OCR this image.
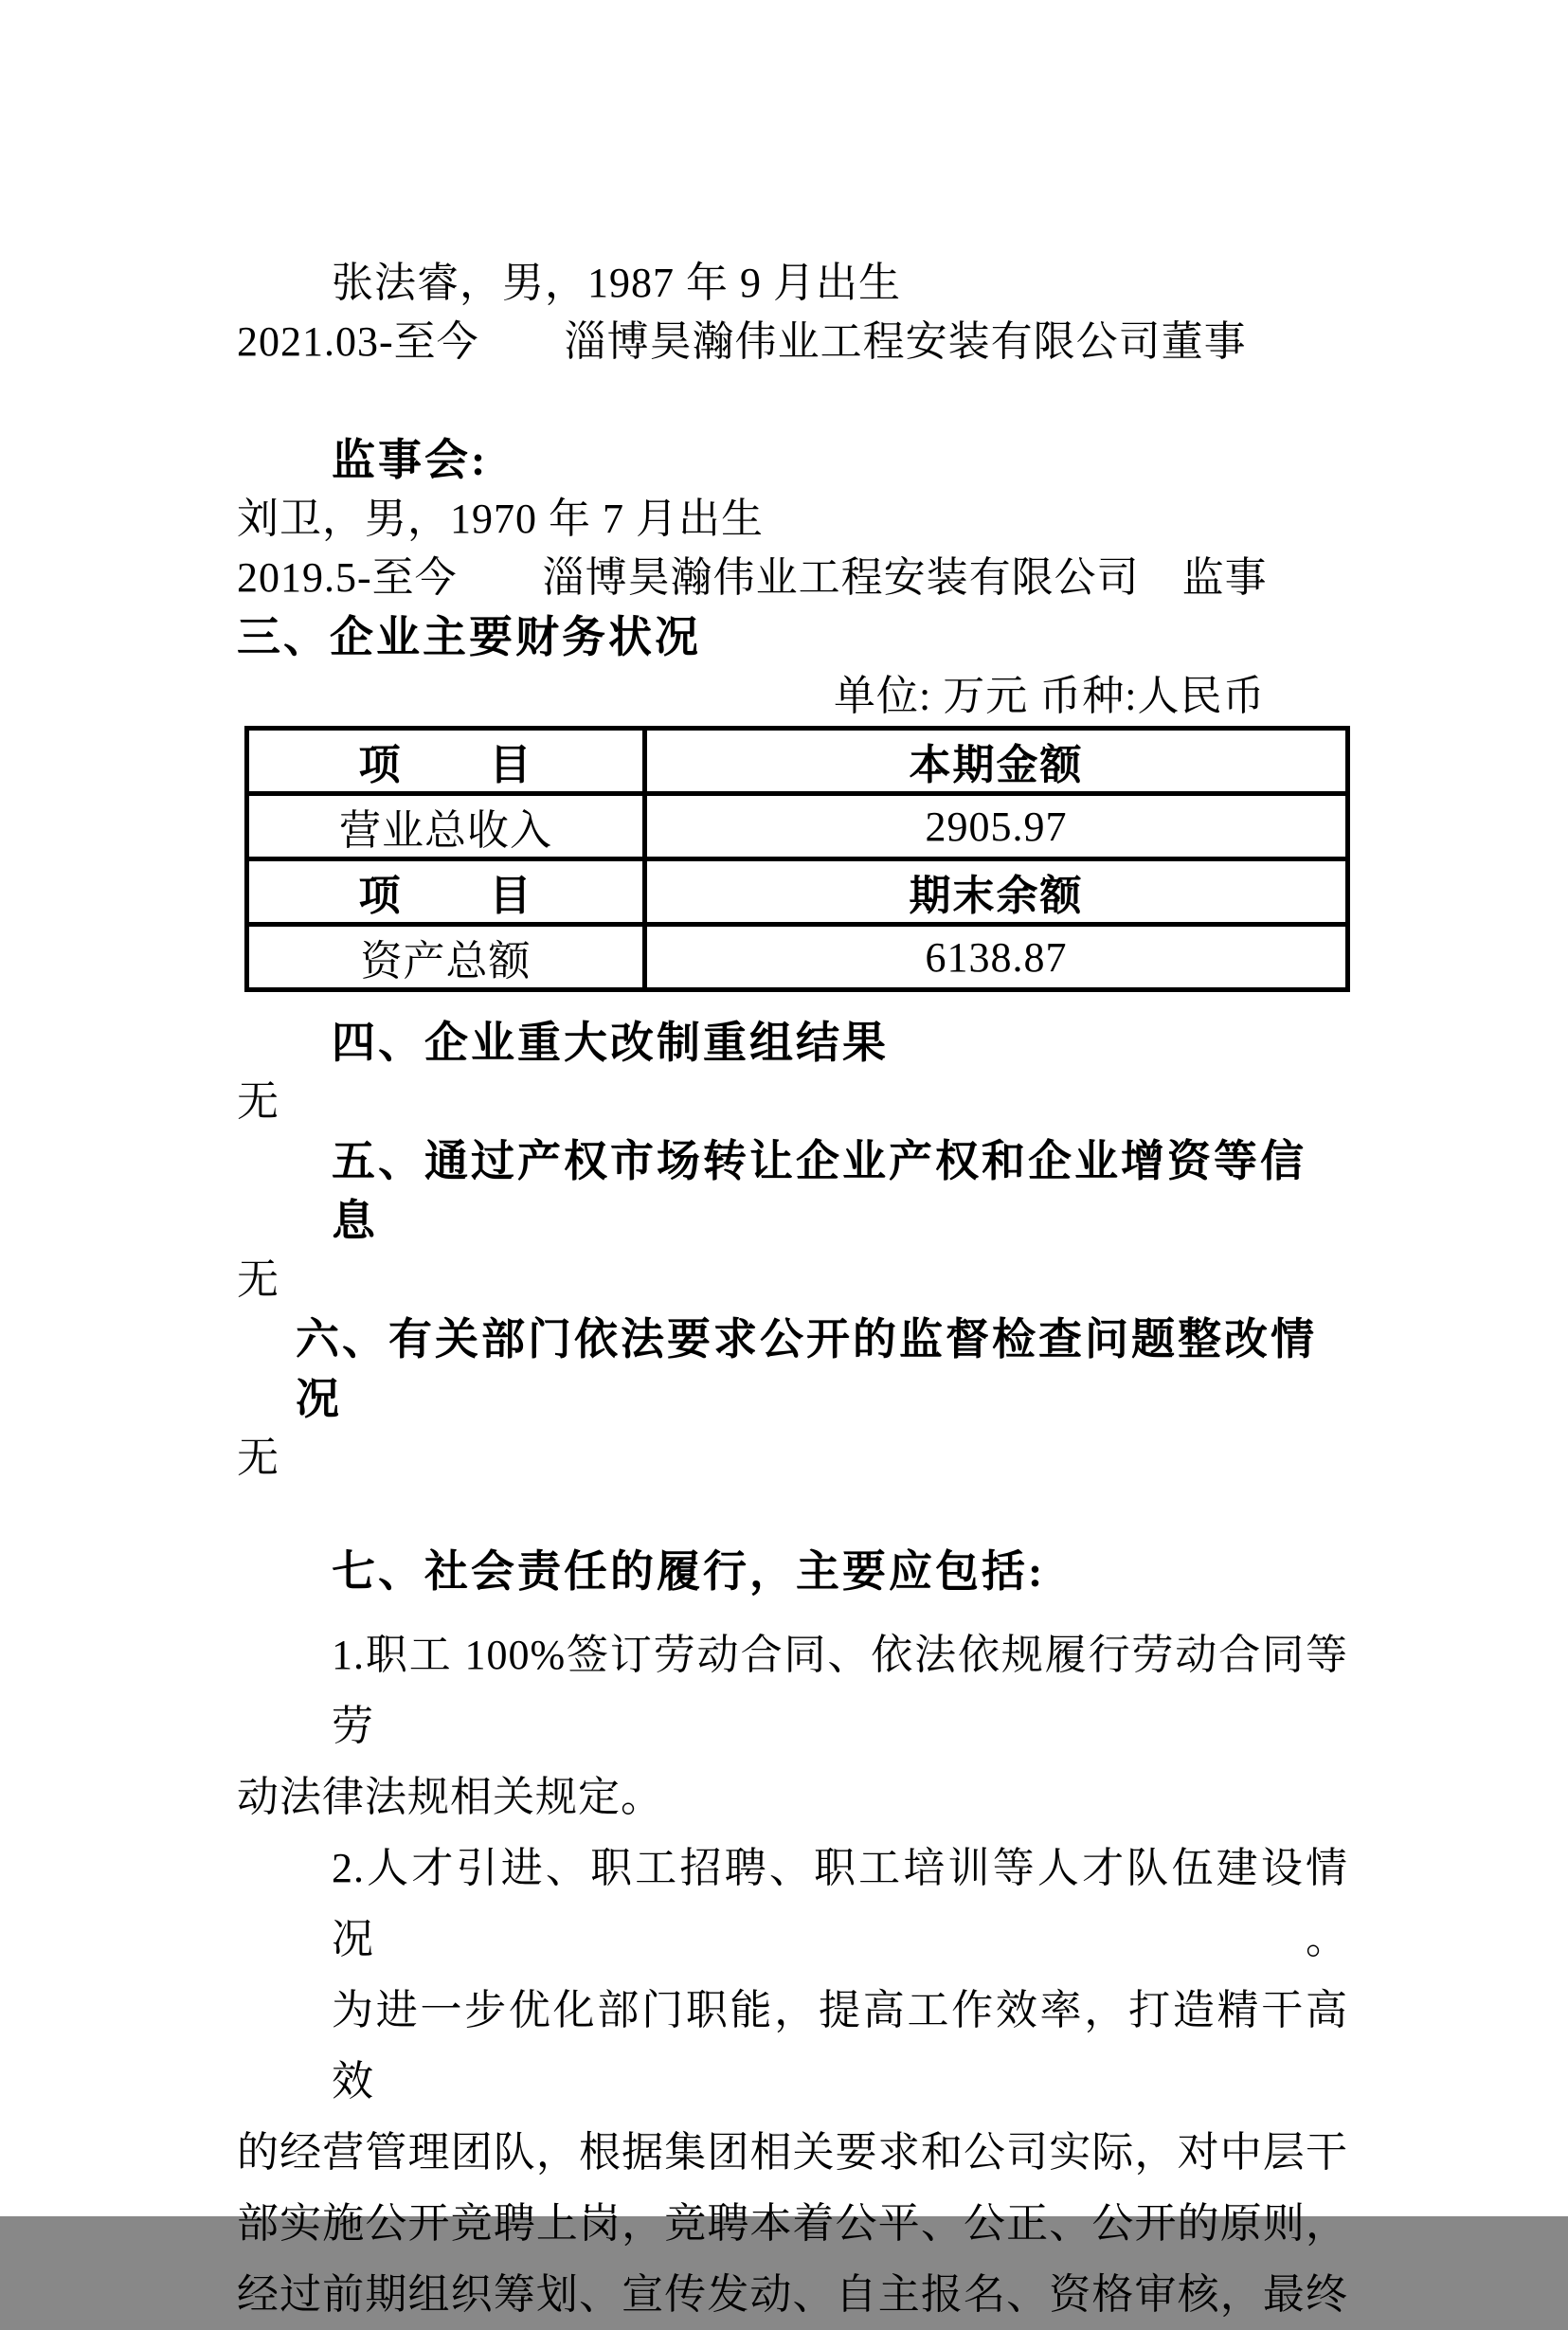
张法睿，男，1987 年 9 月出生
2021.03-至今　　淄博昊瀚伟业工程安装有限公司董事
监事会:
刘卫，男，1970 年 7 月出生
2019.5-至今　　淄博昊瀚伟业工程安装有限公司　监事
三、企业主要财务状况
单位: 万元 币种:人民币
项　　目	本期金额
营业总收入	2905.97
项　　目	期末余额
资产总额	6138.87
四、企业重大改制重组结果
无
五、通过产权市场转让企业产权和企业增资等信息
无
六、有关部门依法要求公开的监督检查问题整改情况
无
七、社会责任的履行，主要应包括:
1.职工 100%签订劳动合同、依法依规履行劳动合同等劳
动法律法规相关规定。
2.人才引进、职工招聘、职工培训等人才队伍建设情况。
为进一步优化部门职能，提高工作效率，打造精干高效
的经营管理团队，根据集团相关要求和公司实际，对中层干
部实施公开竞聘上岗，竞聘本着公平、公正、公开的原则，
经过前期组织筹划、宣传发动、自主报名、资格审核，最终
